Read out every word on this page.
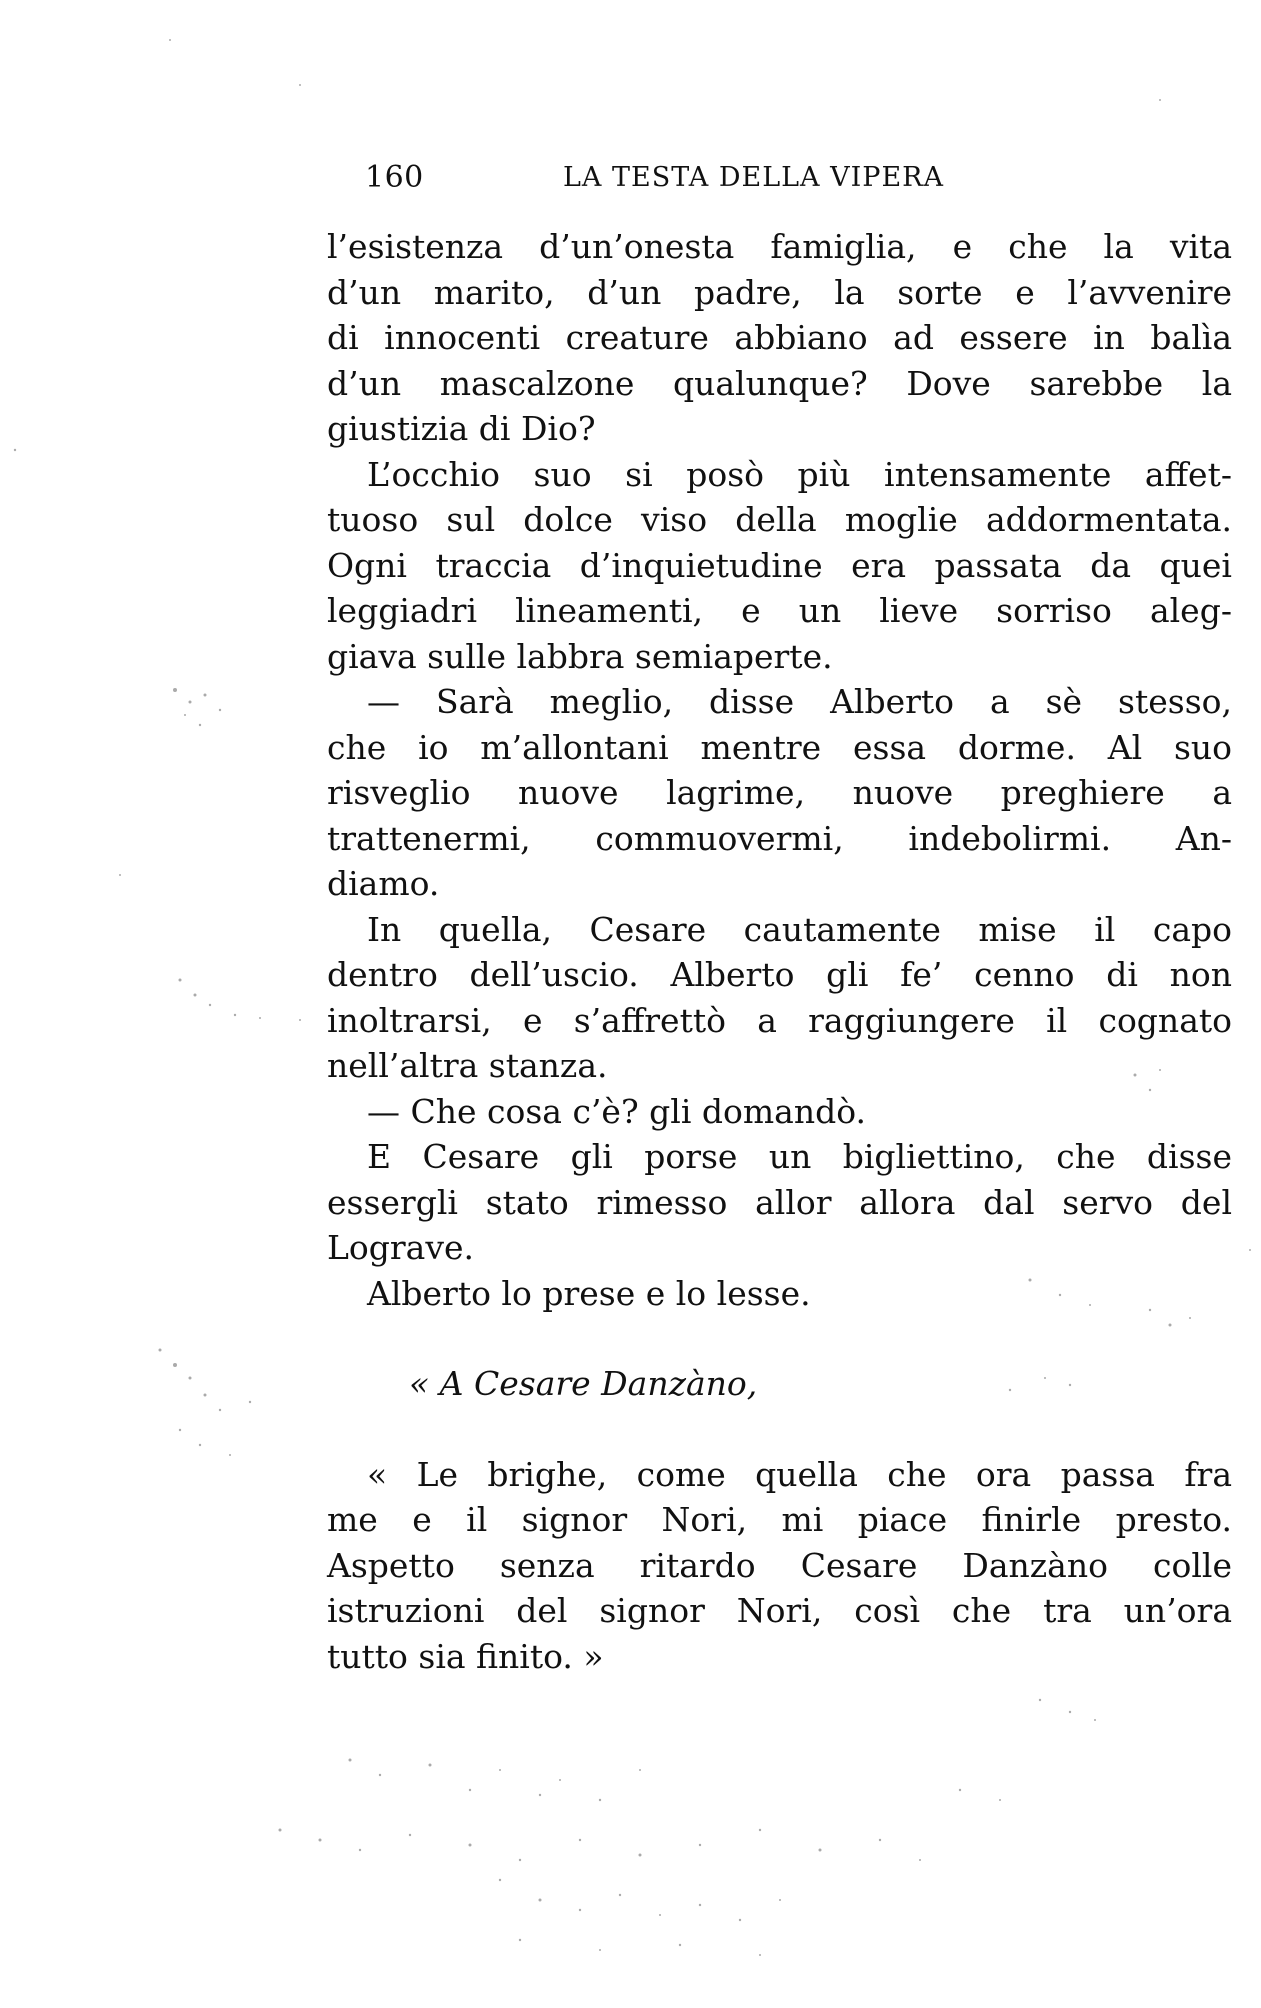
160	LA TESTA DELLA VIPERA
l’esistenza d’un’onesta famiglia, e che la vita
d’un marito, d’un padre, la sorte e l’avvenire
di innocenti creature abbiano ad essere in balìa
d’un mascalzone qualunque? Dove sarebbe la
giustizia di Dio?
L’occhio suo si posò più intensamente affet-
tuoso sul dolce viso della moglie addormentata.
Ogni traccia d’inquietudine era passata da quei
leggiadri lineamenti, e un lieve sorriso aleg-
giava sulle labbra semiaperte.
— Sarà meglio, disse Alberto a sè stesso,
che io m’allontani mentre essa dorme. Al suo
risveglio nuove lagrime, nuove preghiere a
trattenermi, commuovermi, indebolirmi. An-
diamo.
In quella, Cesare cautamente mise il capo
dentro dell’uscio. Alberto gli fe’ cenno di non
inoltrarsi, e s’affrettò a raggiungere il cognato
nell’altra stanza.
— Che cosa c’è? gli domandò.
E Cesare gli porse un bigliettino, che disse
essergli stato rimesso allor allora dal servo del
Lograve.
Alberto lo prese e lo lesse.
« A Cesare Danzàno,
« Le brighe, come quella che ora passa fra
me e il signor Nori, mi piace finirle presto.
Aspetto senza ritardo Cesare Danzàno colle
istruzioni del signor Nori, così che tra un’ora
tutto sia finito. »
